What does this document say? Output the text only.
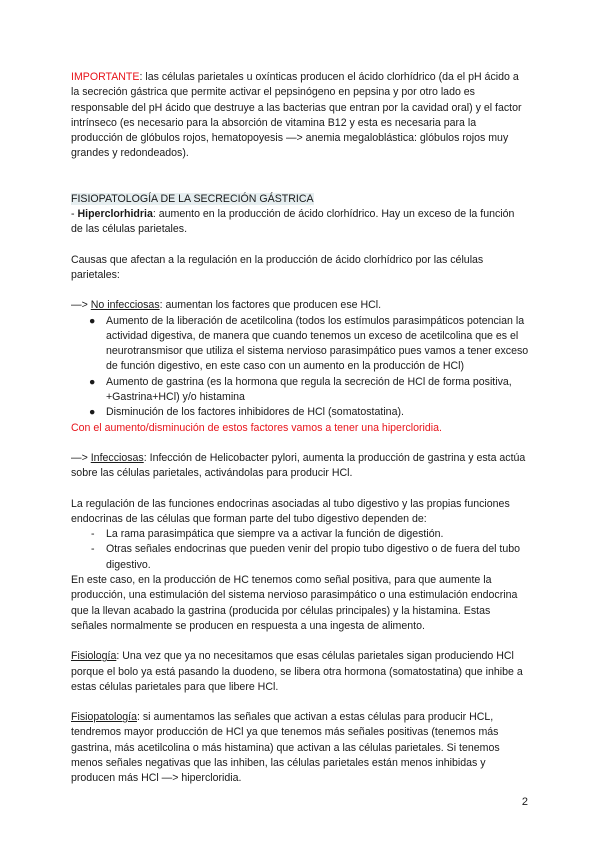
IMPORTANTE: las células parietales u oxínticas producen el ácido clorhídrico (da el pH ácido a la secreción gástrica que permite activar el pepsinógeno en pepsina y por otro lado es responsable del pH ácido que destruye a las bacterias que entran por la cavidad oral) y el factor intrínseco (es necesario para la absorción de vitamina B12 y esta es necesaria para la producción de glóbulos rojos, hematopoyesis —> anemia megaloblástica: glóbulos rojos muy grandes y redondeados).

FISIOPATOLOGÍA DE LA SECRECIÓN GÁSTRICA

- Hiperclorhidria: aumento en la producción de ácido clorhídrico. Hay un exceso de la función de las células parietales.

Causas que afectan a la regulación en la producción de ácido clorhídrico por las células parietales:

—> No infecciosas: aumentan los factores que producen ese HCl.

● Aumento de la liberación de acetilcolina (todos los estímulos parasimpáticos potencian la actividad digestiva, de manera que cuando tenemos un exceso de acetilcolina que es el neurotransmisor que utiliza el sistema nervioso parasimpático pues vamos a tener exceso de función digestivo, en este caso con un aumento en la producción de HCl)
● Aumento de gastrina (es la hormona que regula la secreción de HCl de forma positiva, +Gastrina+HCl) y/o histamina
● Disminución de los factores inhibidores de HCl (somatostatina).

Con el aumento/disminución de estos factores vamos a tener una hipercloridia.

—> Infecciosas: Infección de Helicobacter pylori, aumenta la producción de gastrina y esta actúa sobre las células parietales, activándolas para producir HCl.

La regulación de las funciones endocrinas asociadas al tubo digestivo y las propias funciones endocrinas de las células que forman parte del tubo digestivo dependen de:

- La rama parasimpática que siempre va a activar la función de digestión.
- Otras señales endocrinas que pueden venir del propio tubo digestivo o de fuera del tubo digestivo.

En este caso, en la producción de HC tenemos como señal positiva, para que aumente la producción, una estimulación del sistema nervioso parasimpático o una estimulación endocrina que la llevan acabado la gastrina (producida por células principales) y la histamina. Estas señales normalmente se producen en respuesta a una ingesta de alimento.

Fisiología: Una vez que ya no necesitamos que esas células parietales sigan produciendo HCl porque el bolo ya está pasando la duodeno, se libera otra hormona (somatostatina) que inhibe a estas células parietales para que libere HCl.

Fisiopatología: si aumentamos las señales que activan a estas células para producir HCL, tendremos mayor producción de HCl ya que tenemos más señales positivas (tenemos más gastrina, más acetilcolina o más histamina) que activan a las células parietales. Si tenemos menos señales negativas que las inhiben, las células parietales están menos inhibidas y producen más HCl —> hipercloridia.

2
